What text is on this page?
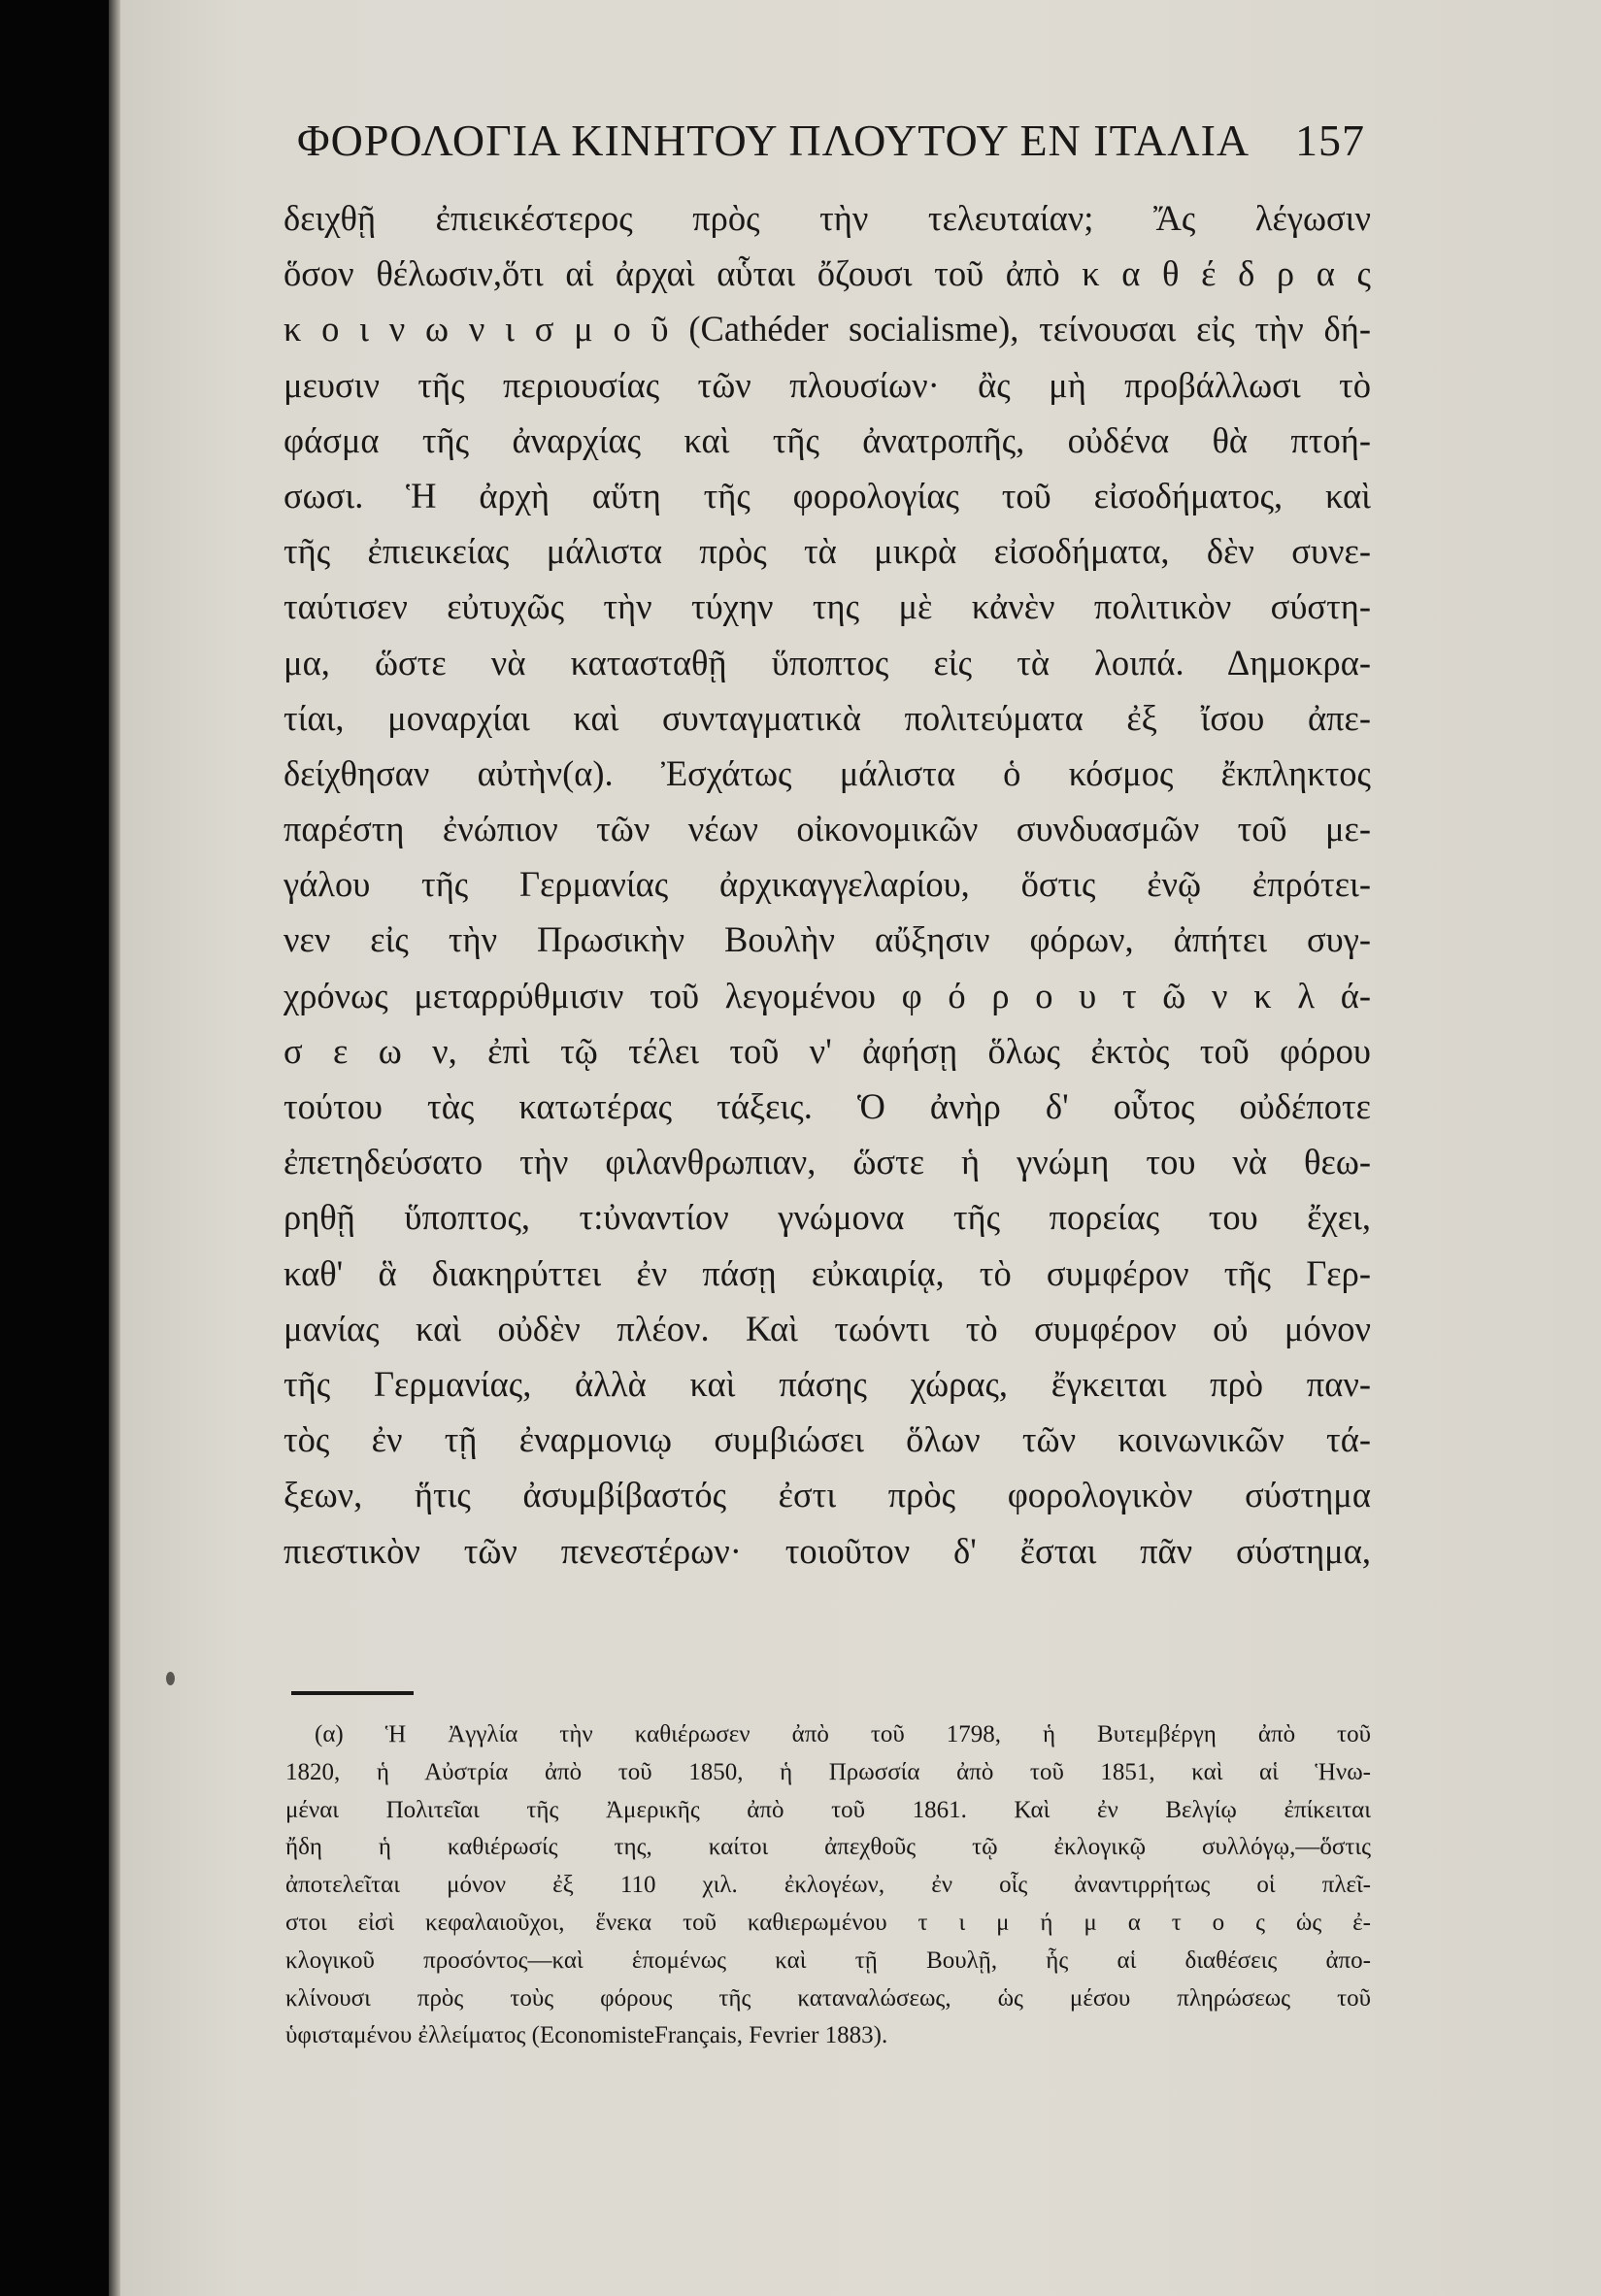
ΦΟΡΟΛΟΓΙΑ ΚΙΝΗΤΟΥ ΠΛΟΥΤΟΥ ΕΝ ΙΤΑΛΙΑ 157
δειχθῇ ἐπιεικέστερος πρὸς τὴν τελευταίαν; Ἄς λέγωσιν
ὅσον θέλωσιν,ὅτι αἱ ἀρχαὶ αὗται ὄζουσι τοῦ ἀπὸ κ α θ έ δ ρ α ς
κ ο ι ν ω ν ι σ μ ο ῦ (Cathéder socialisme), τείνουσαι εἰς τὴν δή-
μευσιν τῆς περιουσίας τῶν πλουσίων· ἂς μὴ προβάλλωσι τὸ
φάσμα τῆς ἀναρχίας καὶ τῆς ἀνατροπῆς, οὐδένα θὰ πτοή-
σωσι. Ἡ ἀρχὴ αὕτη τῆς φορολογίας τοῦ εἰσοδήματος, καὶ
τῆς ἐπιεικείας μάλιστα πρὸς τὰ μικρὰ εἰσοδήματα, δὲν συνε-
ταύτισεν εὐτυχῶς τὴν τύχην της μὲ κἀνὲν πολιτικὸν σύστη-
μα, ὥστε νὰ κατασταθῇ ὕποπτος εἰς τὰ λοιπά. Δημοκρα-
τίαι, μοναρχίαι καὶ συνταγματικὰ πολιτεύματα ἐξ ἴσου ἀπε-
δείχθησαν αὐτὴν(α). Ἐσχάτως μάλιστα ὁ κόσμος ἔκπληκτος
παρέστη ἐνώπιον τῶν νέων οἰκονομικῶν συνδυασμῶν τοῦ με-
γάλου τῆς Γερμανίας ἀρχικαγγελαρίου, ὅστις ἐνῷ ἐπρότει-
νεν εἰς τὴν Πρωσικὴν Βουλὴν αὔξησιν φόρων, ἀπήτει συγ-
χρόνως μεταρρύθμισιν τοῦ λεγομένου φ ό ρ ο υ τ ῶ ν κ λ ά-
σ ε ω ν, ἐπὶ τῷ τέλει τοῦ ν' ἀφήσῃ ὅλως ἐκτὸς τοῦ φόρου
τούτου τὰς κατωτέρας τάξεις. Ὁ ἀνὴρ δ' οὗτος οὐδέποτε
ἐπετηδεύσατο τὴν φιλανθρωπιαν, ὥστε ἡ γνώμη του νὰ θεω-
ρηθῇ ὕποπτος, τ:ὐναντίον γνώμονα τῆς πορείας του ἔχει,
καθ' ἃ διακηρύττει ἐν πάσῃ εὐκαιρίᾳ, τὸ συμφέρον τῆς Γερ-
μανίας καὶ οὐδὲν πλέον. Καὶ τωόντι τὸ συμφέρον οὐ μόνον
τῆς Γερμανίας, ἀλλὰ καὶ πάσης χώρας, ἔγκειται πρὸ παν-
τὸς ἐν τῇ ἐναρμονιῳ συμβιώσει ὅλων τῶν κοινωνικῶν τά-
ξεων, ἥτις ἀσυμβίβαστός ἐστι πρὸς φορολογικὸν σύστημα
πιεστικὸν τῶν πενεστέρων· τοιοῦτον δ' ἔσται πᾶν σύστημα,
(α) Ἡ Ἀγγλία τὴν καθιέρωσεν ἀπὸ τοῦ 1798, ἡ Βυτεμβέργη ἀπὸ τοῦ
1820, ἡ Αὐστρία ἀπὸ τοῦ 1850, ἡ Πρωσσία ἀπὸ τοῦ 1851, καὶ αἱ Ἡνω-
μέναι Πολιτεῖαι τῆς Ἀμερικῆς ἀπὸ τοῦ 1861. Καὶ ἐν Βελγίῳ ἐπίκειται
ἤδη ἡ καθιέρωσίς της, καίτοι ἀπεχθοῦς τῷ ἐκλογικῷ συλλόγῳ,—ὅστις
ἀποτελεῖται μόνον ἐξ 110 χιλ. ἐκλογέων, ἐν οἷς ἀναντιρρήτως οἱ πλεῖ-
στοι εἰσὶ κεφαλαιοῦχοι, ἕνεκα τοῦ καθιερωμένου τ ι μ ή μ α τ ο ς ὡς ἐ-
κλογικοῦ προσόντος—καὶ ἑπομένως καὶ τῇ Βουλῇ, ἧς αἱ διαθέσεις ἀπο-
κλίνουσι πρὸς τοὺς φόρους τῆς καταναλώσεως, ὡς μέσου πληρώσεως τοῦ
ὑφισταμένου ἐλλείματος (EconomisteFrançais, Fevrier 1883).
